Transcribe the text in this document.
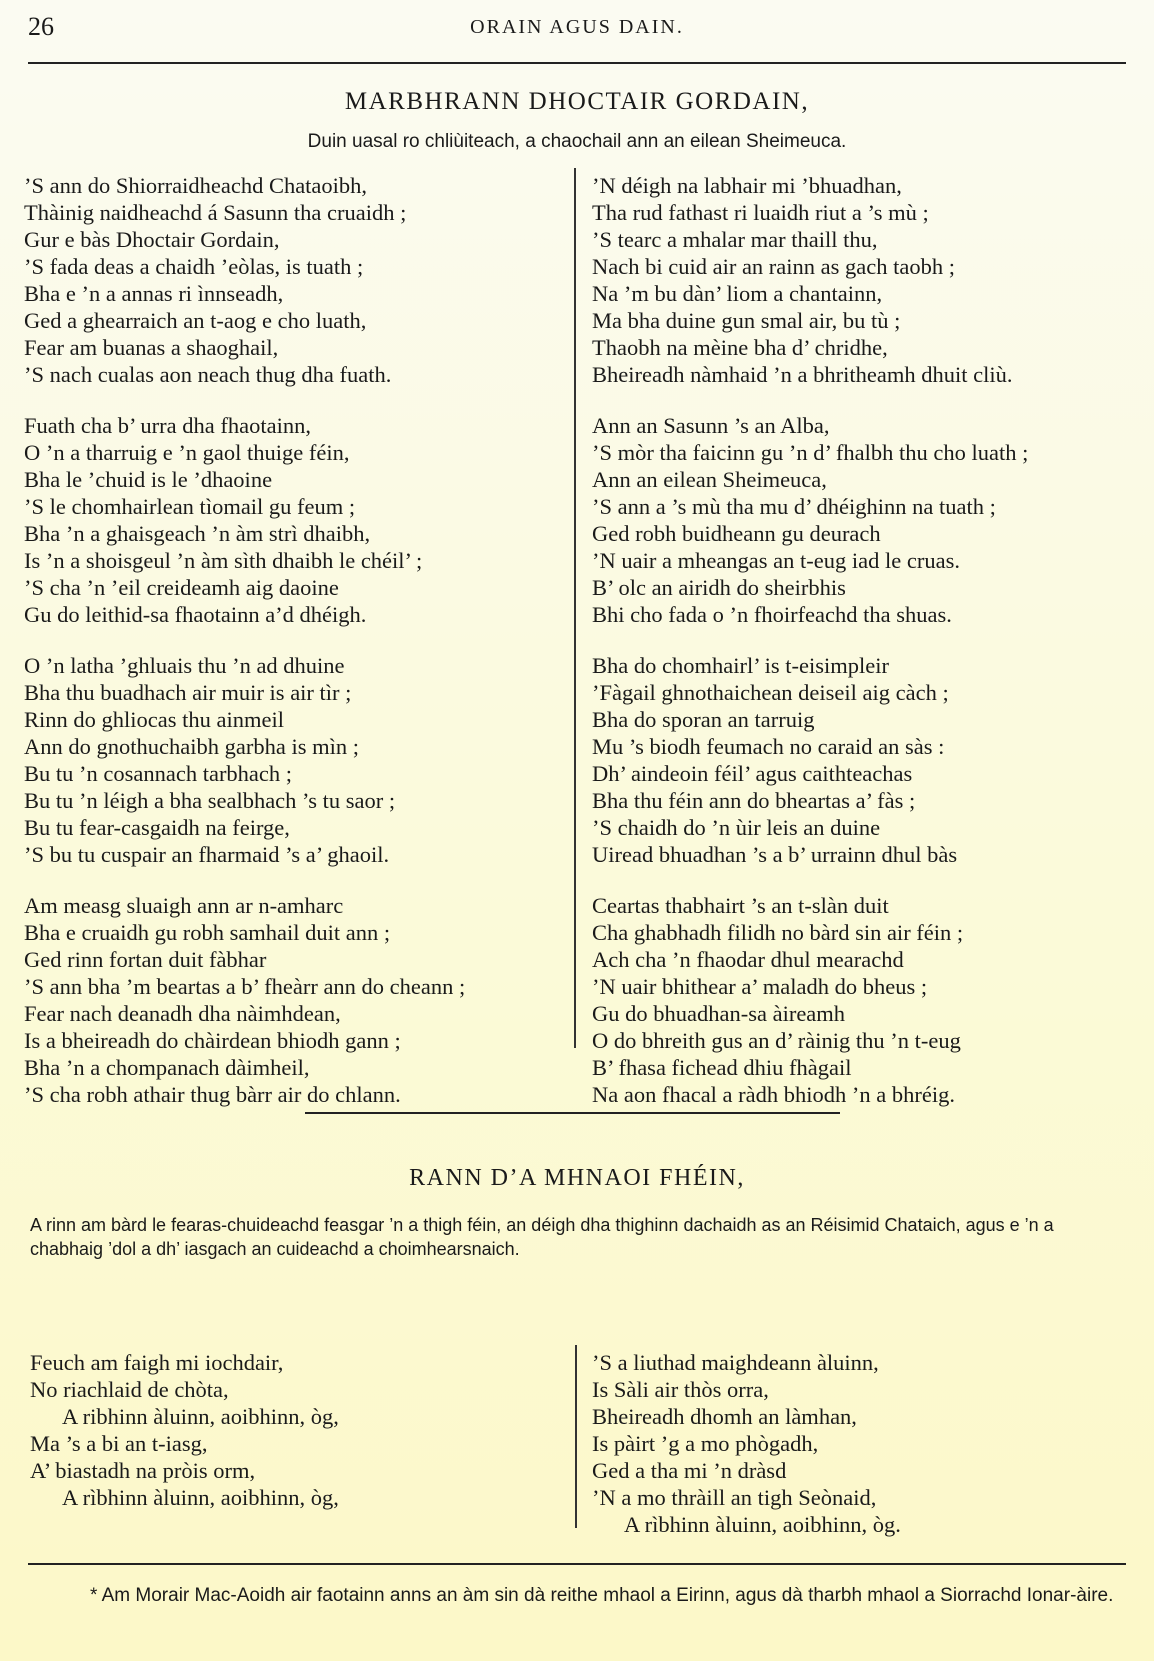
26	ORAIN AGUS DAIN.
MARBHRANN DHOCTAIR GORDAIN,
Duin uasal ro chliùiteach, a chaochail ann an eilean Sheimeuca.
’S ann do Shiorraidheachd Chataoibh,
Thàinig naidheachd á Sasunn tha cruaidh ;
Gur e bàs Dhoctair Gordain,
’S fada deas a chaidh ’eòlas, is tuath ;
Bha e ’n a annas ri ìnnseadh,
Ged a ghearraich an t-aog e cho luath,
Fear am buanas a shaoghail,
’S nach cualas aon neach thug dha fuath.
Fuath cha b’ urra dha fhaotainn,
O ’n a tharruig e ’n gaol thuige féin,
Bha le ’chuid is le ’dhaoine
’S le chomhairlean tìomail gu feum ;
Bha ’n a ghaisgeach ’n àm strì dhaibh,
Is ’n a shoisgeul ’n àm sìth dhaibh le chéil’ ;
’S cha ’n ’eil creideamh aig daoine
Gu do leithid-sa fhaotainn a’d dhéigh.
O ’n latha ’ghluais thu ’n ad dhuine
Bha thu buadhach air muir is air tìr ;
Rinn do ghliocas thu ainmeil
Ann do gnothuchaibh garbha is mìn ;
Bu tu ’n cosannach tarbhach ;
Bu tu ’n léigh a bha sealbhach ’s tu saor ;
Bu tu fear-casgaidh na feirge,
’S bu tu cuspair an fharmaid ’s a’ ghaoil.
Am measg sluaigh ann ar n-amharc
Bha e cruaidh gu robh samhail duit ann ;
Ged rinn fortan duit fàbhar
’S ann bha ’m beartas a b’ fheàrr ann do cheann ;
Fear nach deanadh dha nàimhdean,
Is a bheireadh do chàirdean bhiodh gann ;
Bha ’n a chompanach dàimheil,
’S cha robh athair thug bàrr air do chlann.
’N déigh na labhair mi ’bhuadhan,
Tha rud fathast ri luaidh riut a ’s mù ;
’S tearc a mhalar mar thaill thu,
Nach bi cuid air an rainn as gach taobh ;
Na ’m bu dàn’ liom a chantainn,
Ma bha duine gun smal air, bu tù ;
Thaobh na mèine bha d’ chridhe,
Bheireadh nàmhaid ’n a bhritheamh dhuit cliù.
Ann an Sasunn ’s an Alba,
’S mòr tha faicinn gu ’n d’ fhalbh thu cho luath ;
Ann an eilean Sheimeuca,
’S ann a ’s mù tha mu d’ dhéighinn na tuath ;
Ged robh buidheann gu deurach
’N uair a mheangas an t-eug iad le cruas.
B’ olc an airidh do sheirbhis
Bhi cho fada o ’n fhoirfeachd tha shuas.
Bha do chomhairl’ is t-eisimpleir
’Fàgail ghnothaichean deiseil aig càch ;
Bha do sporan an tarruig
Mu ’s biodh feumach no caraid an sàs :
Dh’ aindeoin féil’ agus caithteachas
Bha thu féin ann do bheartas a’ fàs ;
’S chaidh do ’n ùir leis an duine
Uiread bhuadhan ’s a b’ urrainn dhul bàs
Ceartas thabhairt ’s an t-slàn duit
Cha ghabhadh filidh no bàrd sin air féin ;
Ach cha ’n fhaodar dhul mearachd
’N uair bhithear a’ maladh do bheus ;
Gu do bhuadhan-sa àireamh
O do bhreith gus an d’ ràinig thu ’n t-eug
B’ fhasa fichead dhiu fhàgail
Na aon fhacal a ràdh bhiodh ’n a bhréig.
RANN D’A MHNAOI FHÉIN,
A rinn am bàrd le fearas-chuideachd feasgar ’n a thigh féin, an déigh dha thighinn dachaidh as an Réisimid Chataich, agus e ’n a chabhaig ’dol a dh’ iasgach an cuideachd a choimhearsnaich.
Feuch am faigh mi iochdair,
No riachlaid de chòta,
A ribhinn àluinn, aoibhinn, òg,
Ma ’s a bi an t-iasg,
A’ biastadh na pròis orm,
A rìbhinn àluinn, aoibhinn, òg,
’S a liuthad maighdeann àluinn,
Is Sàli air thòs orra,
Bheireadh dhomh an làmhan,
Is pàirt ’g a mo phògadh,
Ged a tha mi ’n dràsd
’N a mo thràill an tigh Seònaid,
A rìbhinn àluinn, aoibhinn, òg.
* Am Morair Mac-Aoidh air faotainn anns an àm sin dà reithe mhaol a Eirinn, agus dà tharbh mhaol a Siorrachd Ionar-àire.
